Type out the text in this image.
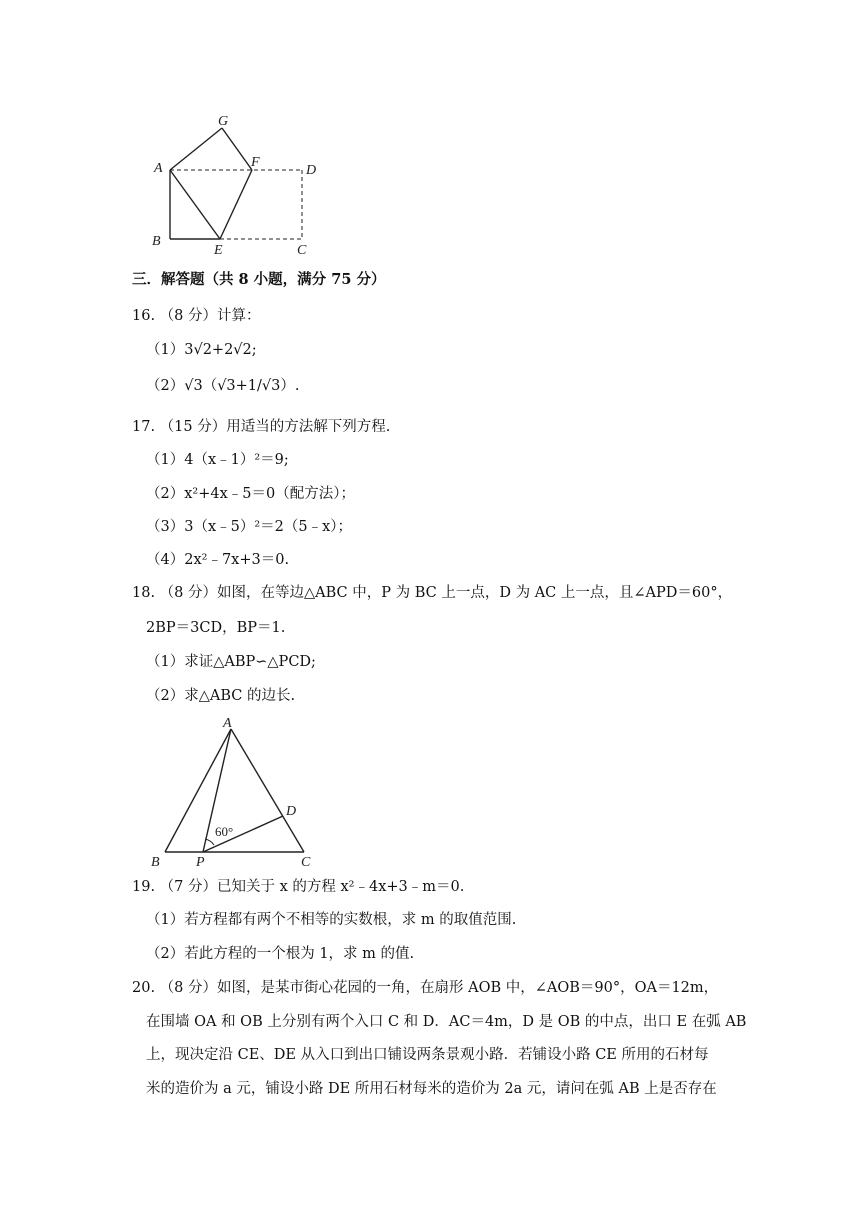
G
A	F
D
B
E	C
三．解答题（共 8 小题，满分 75 分）
16. （8 分）计算：
（1）3√2+2√2;
（2）√3（√3+1/√3）.
17. （15 分）用适当的方法解下列方程.
（1）4（x﹣1）²＝9;
（2）x²+4x﹣5＝0（配方法）；
（3）3（x﹣5）²＝2（5﹣x）；
（4）2x²﹣7x+3＝0.
18. （8 分）如图，在等边△ABC 中，P 为 BC 上一点，D 为 AC 上一点，且∠APD＝60°，
2BP＝3CD，BP＝1.
（1）求证△ABP∽△PCD;
（2）求△ABC 的边长.
A
D
B	P	C
60°
19. （7 分）已知关于 x 的方程 x²﹣4x+3﹣m＝0.
（1）若方程都有两个不相等的实数根，求 m 的取值范围.
（2）若此方程的一个根为 1，求 m 的值.
20. （8 分）如图，是某市街心花园的一角，在扇形 AOB 中，∠AOB＝90°，OA＝12m，
在围墙 OA 和 OB 上分别有两个入口 C 和 D．AC＝4m，D 是 OB 的中点，出口 E 在弧 AB
上，现决定沿 CE、DE 从入口到出口铺设两条景观小路．若铺设小路 CE 所用的石材每
米的造价为 a 元，铺设小路 DE 所用石材每米的造价为 2a 元，请问在弧 AB 上是否存在
